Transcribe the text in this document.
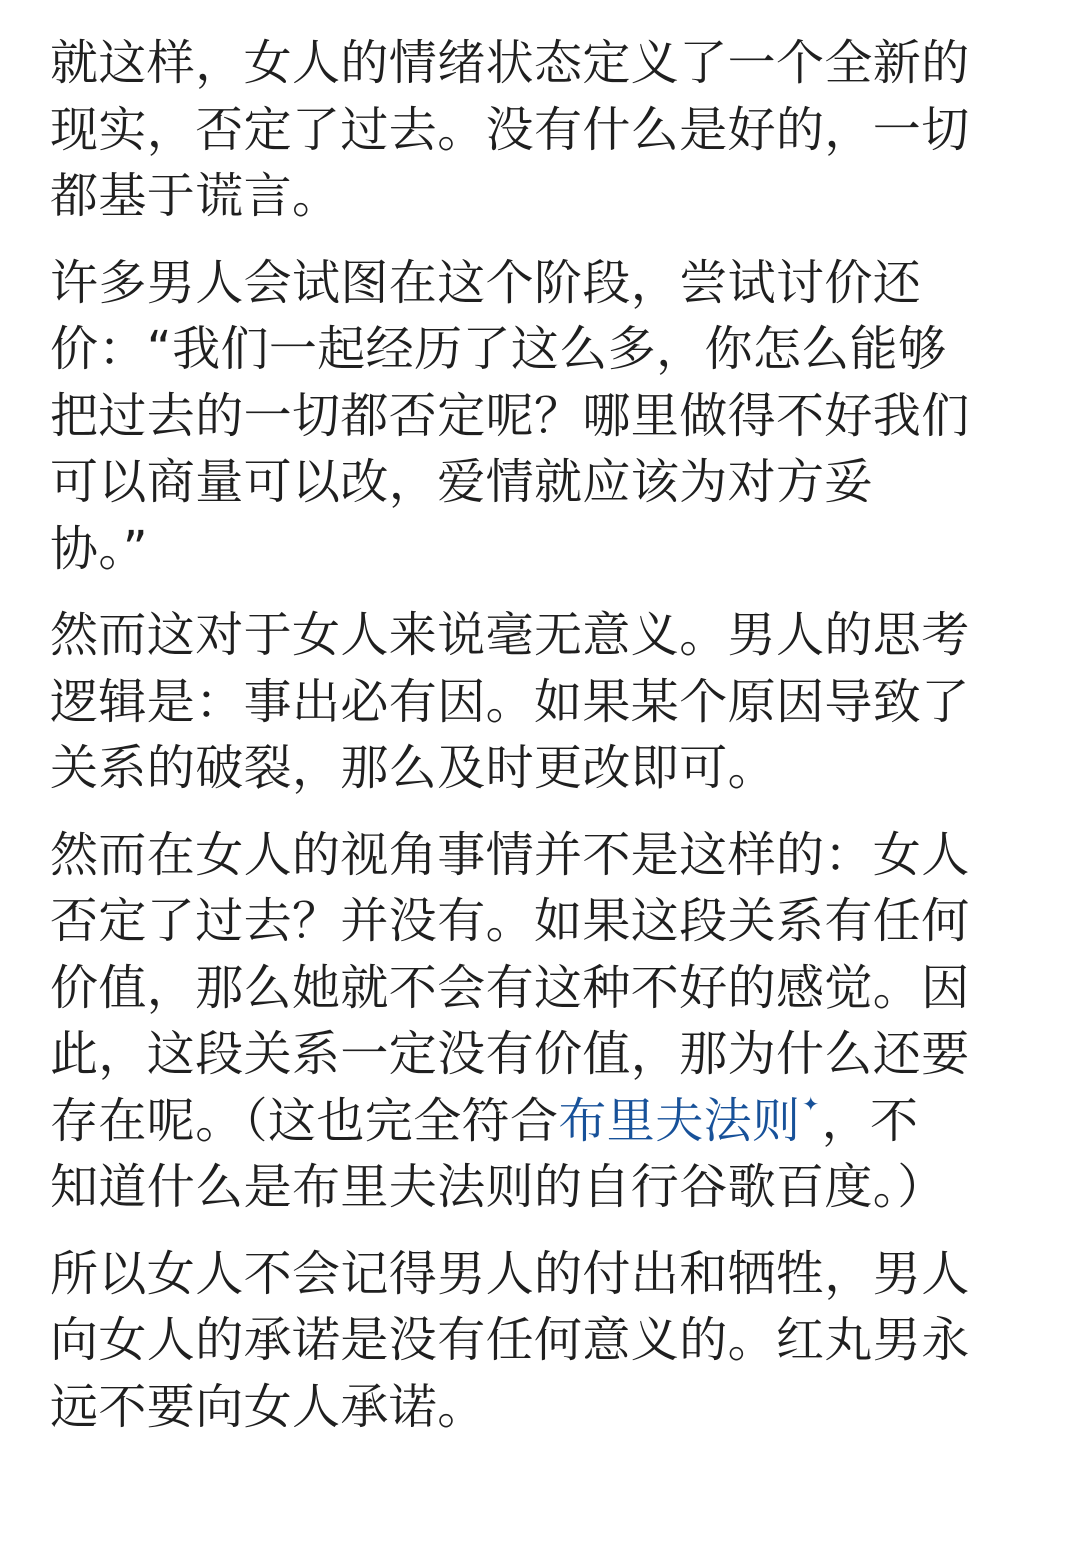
就这样，女人的情绪状态定义了一个全新的
现实，否定了过去。没有什么是好的，一切
都基于谎言。

许多男人会试图在这个阶段，尝试讨价还
价：“我们一起经历了这么多，你怎么能够
把过去的一切都否定呢？哪里做得不好我们
可以商量可以改，爱情就应该为对方妥
协。”

然而这对于女人来说毫无意义。男人的思考
逻辑是：事出必有因。如果某个原因导致了
关系的破裂，那么及时更改即可。

然而在女人的视角事情并不是这样的：女人
否定了过去？并没有。如果这段关系有任何
价值，那么她就不会有这种不好的感觉。因
此，这段关系一定没有价值，那为什么还要
存在呢。（这也完全符合布里夫法则 ✦，不
知道什么是布里夫法则的自行谷歌百度。）

所以女人不会记得男人的付出和牺牲，男人
向女人的承诺是没有任何意义的。红丸男永
远不要向女人承诺。
